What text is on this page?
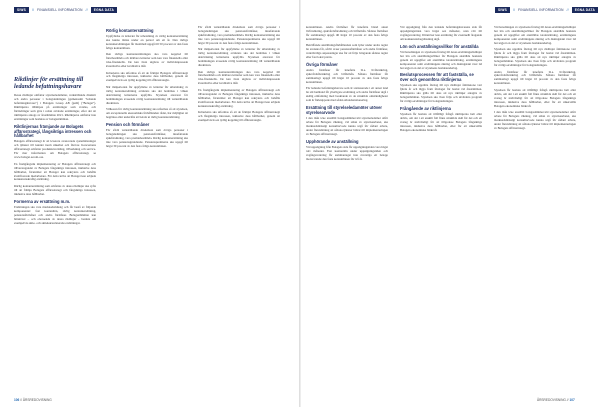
SIWS	// FINANSIELL INFORMATION //	EGNA DATA
Riktlinjer för ersättning till ledande befattningshavare
Dessa riktlinjer omfattar styrelseledamöter, verkställande direktör och andra personer i bolagsledningen (gemensamt "ledande befattningshavare") i Bolagets Group AB (publ) ("Bolaget"). Riktlinjerna tillämpas på ersättningar som avtalas, och förändringar som görs i redan avtalade ersättningar, efter det att riktlinjerna antogs av årsstämman 2021. Riktlinjerna omfattar inte ersättningar som beslutas av bolagsstämman.
Riktlinjernas främjande av Bolagets affärsstrategi, långsiktiga intressen och hållbarhet
Bolagets affärsstrategi är att leverera avancerade systemlösningar och tjänster till kunder inom säkerhet och försvar. Koncernens affärsstrategi omfattar produktutveckling, tillverkning och service. För mer information om Bolagets affärsstrategi, se www.bolaget.se/om-oss.
En framgångsrik implementering av Bolagets affärsstrategi och tillvaratagandet av Bolagets långsiktiga intressen, inklusive dess hållbarhet, förutsätter att Bolaget kan rekrytera och behålla kvalificerade medarbetare. För detta krävs att Bolaget kan erbjuda konkurrenskraftig ersättning.
Rörlig kontantersättning som omfattas av dessa riktlinjer ska syfta till att främja Bolagets affärsstrategi och långsiktiga intressen, inklusive dess hållbarhet.
Formerna av ersättning m.m.
Ersättningen ska vara marknadsmässig och får bestå av följande komponenter: fast kontantlön, rörlig kontantersättning, pensionsförmåner och andra förmåner. Bolagsstämman kan härutöver – och oberoende av dessa riktlinjer – besluta om exempelvis aktie- och aktiekursrelaterade ersättningar.
Rörlig kontantersättning
Uppfyllelse av kriterier för utbetalning av rörlig kontantersättning ska kunna mätas under en period om ett år. Den rörliga kontantersättningen får maximalt uppgå till 50 procent av den fasta årliga kontantlönen.
Den rörliga kontantersättningen ska vara kopplad till förutbestämda och mätbara kriterier som kan vara finansiella eller icke-finansiella. De kan även utgöras av individanpassade kvantitativa eller kvalitativa mål.
Kriterierna ska utformas så att de främjar Bolagets affärsstrategi och långsiktiga intressen, inklusive dess hållbarhet, genom att exempelvis ha en tydlig koppling till affärsstrategin.
När mätperioden för uppfyllelse av kriterier för utbetalning av rörlig kontantersättning avslutats ska det bedömas i vilken utsträckning kriterierna uppfyllts. Styrelsen ansvarar för bedömningen avseende rörlig kontantersättning till verkställande direktören.
Villkoren för rörlig kontantersättning ska utformas så att styrelsen, om exceptionella ekonomiska förhållanden råder, har möjlighet att begränsa eller underlåta att betala ut rörlig kontantersättning.
Pension och förmåner
För såväl verkställande direktören som övriga personer i bolagsledningen ska pensionsförmåner, innefattande sjukförsäkring, vara premiebestämda. Rörlig kontantersättning ska inte vara pensionsgrundande. Pensionspremierna ska uppgå till högst 30 procent av den fasta årliga kontantlönen.
För såväl verkställande direktören som övriga personer i bolagsledningen ska pensionsförmåner, innefattande sjukförsäkring, vara premiebestämda. Rörlig kontantersättning ska inte vara pensionsgrundande. Pensionspremierna ska uppgå till högst 30 procent av den fasta årliga kontantlönen.
När mätperioden för uppfyllelse av kriterier för utbetalning av rörlig kontantersättning avslutats ska det bedömas i vilken utsträckning kriterierna uppfyllts. Styrelsen ansvarar för bedömningen avseende rörlig kontantersättning till verkställande direktören.
Den rörliga kontantersättningen ska vara kopplad till förutbestämda och mätbara kriterier som kan vara finansiella eller icke-finansiella. De kan även utgöras av individanpassade kvantitativa eller kvalitativa mål.
En framgångsrik implementering av Bolagets affärsstrategi och tillvaratagandet av Bolagets långsiktiga intressen, inklusive dess hållbarhet, förutsätter att Bolaget kan rekrytera och behålla kvalificerade medarbetare. För detta krävs att Bolaget kan erbjuda konkurrenskraftig ersättning.
Kriterierna ska utformas så att de främjar Bolagets affärsstrategi och långsiktiga intressen, inklusive dess hållbarhet, genom att exempelvis ha en tydlig koppling till affärsstrategin.
106 // ÅRSREDOVISNING
SIWS	// FINANSIELL INFORMATION //	EGNA DATA
kontantlönen. Andra förmåner får innefatta bland annat livförsäkring, sjukvårdsförsäkring och bilförmån. Sådana förmåner får sammanlagt uppgå till högst 10 procent av den fasta årliga kontantlönen.
Beträffande anställningsförhållanden som lyder under andra regler än svenska får, såvitt avser pensionsförmåner och andra förmåner, vederbörliga anpassningar ske för att följa tvingande sådana regler eller fast lokal praxis.
Övriga förmåner
Andra förmåner får innefatta bl.a. livförsäkring, sjukvårdsförsäkring och bilförmån. Sådana förmåner får sammanlagt uppgå till högst 10 procent av den fasta årliga kontantlönen.
För ledande befattningshavare som är stationerade i ett annat land än sitt hemland får ytterligare ersättning och andra förmåner utgå i skälig omfattning med beaktande av de särskilda omständigheter som är förknippade med sådan utlandsstationering.
Ersättning till styrelseledamöter utöver styrelsearvode
I den mån icke anställd bolagsstämmovald styrelseledamot utför arbete för Bolagets räkning, vid sidan av styrelsearbetet, ska marknadsmässigt konsultarvode kunna utgå för sådant arbete, under förutsättning att sådana tjänster bidrar till implementeringen av Bolagets affärsstrategi.
Upphörande av anställning
Vid uppsägning från Bolagets sida får uppsägningstiden vara högst tolv månader. Fast kontantlön under uppsägningstiden och avgångsvederlag får sammantaget inte överstiga ett belopp motsvarande den fasta kontantlönen för två år.
Vid uppsägning från den ledande befattningshavarens sida får uppsägningstiden vara högst sex månader, utan rätt till avgångsvederlag. Därutöver kan ersättning för eventuellt åtagande om konkurrensbegränsning utgå.
Lön och anställningsvillkor för anställda
Vid beredningen av styrelsens förslag till dessa ersättningsriktlinjer har lön och anställningsvillkor för Bolagets anställda beaktats genom att uppgifter om anställdas totalersättning, ersättningens komponenter samt ersättningens ökning och ökningstakt över tid har utgjort en del av styrelsens beslutsunderlag.
Beslutsprocessen för att fastställa, se över och genomföra riktlinjerna
Styrelsen ska upprätta förslag till nya riktlinjer åtminstone vart fjärde år och lägga fram förslaget för beslut vid årsstämman. Riktlinjerna ska gälla till dess att nya riktlinjer antagits av bolagsstämman. Styrelsen ska även följa och utvärdera program för rörliga ersättningar för bolagsledningen.
Frångående av riktlinjerna
Styrelsen får besluta att tillfälligt frångå riktlinjerna helt eller delvis, om det i ett enskilt fall finns särskilda skäl för det och ett avsteg är nödvändigt för att tillgodose Bolagets långsiktiga intressen, inklusive dess hållbarhet, eller för att säkerställa Bolagets ekonomiska bärkraft.
Vid beredningen av styrelsens förslag till dessa ersättningsriktlinjer har lön och anställningsvillkor för Bolagets anställda beaktats genom att uppgifter om anställdas totalersättning, ersättningens komponenter samt ersättningens ökning och ökningstakt över tid har utgjort en del av styrelsens beslutsunderlag.
Styrelsen ska upprätta förslag till nya riktlinjer åtminstone vart fjärde år och lägga fram förslaget för beslut vid årsstämman. Riktlinjerna ska gälla till dess att nya riktlinjer antagits av bolagsstämman. Styrelsen ska även följa och utvärdera program för rörliga ersättningar för bolagsledningen.
Andra förmåner får innefatta bl.a. livförsäkring, sjukvårdsförsäkring och bilförmån. Sådana förmåner får sammanlagt uppgå till högst 10 procent av den fasta årliga kontantlönen.
Styrelsen får besluta att tillfälligt frångå riktlinjerna helt eller delvis, om det i ett enskilt fall finns särskilda skäl för det och ett avsteg är nödvändigt för att tillgodose Bolagets långsiktiga intressen, inklusive dess hållbarhet, eller för att säkerställa Bolagets ekonomiska bärkraft.
I den mån icke anställd bolagsstämmovald styrelseledamot utför arbete för Bolagets räkning, vid sidan av styrelsearbetet, ska marknadsmässigt konsultarvode kunna utgå för sådant arbete, under förutsättning att sådana tjänster bidrar till implementeringen av Bolagets affärsstrategi.
ÅRSREDOVISNING // 107
